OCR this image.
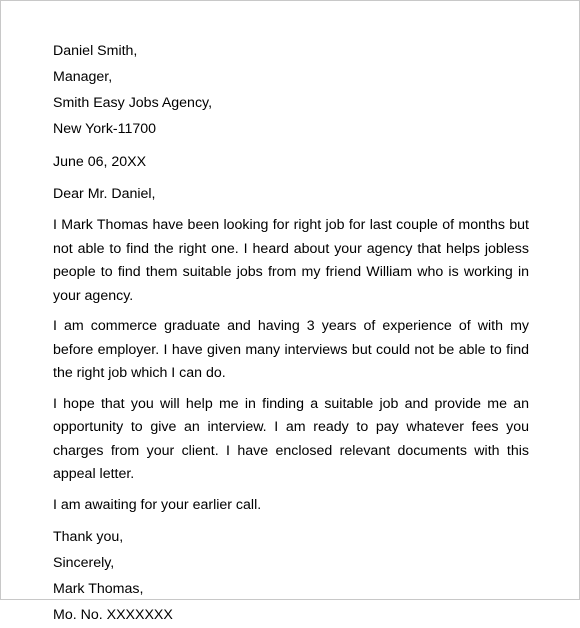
Daniel Smith,
Manager,
Smith Easy Jobs Agency,
New York-11700
June 06, 20XX
Dear Mr. Daniel,
I Mark Thomas have been looking for right job for last couple of months but not able to find the right one. I heard about your agency that helps jobless people to find them suitable jobs from my friend William who is working in your agency.
I am commerce graduate and having 3 years of experience of with my before employer. I have given many interviews but could not be able to find the right job which I can do.
I hope that you will help me in finding a suitable job and provide me an opportunity to give an interview. I am ready to pay whatever fees you charges from your client. I have enclosed relevant documents with this appeal letter.
I am awaiting for your earlier call.
Thank you,
Sincerely,
Mark Thomas,
Mo. No. XXXXXXX
